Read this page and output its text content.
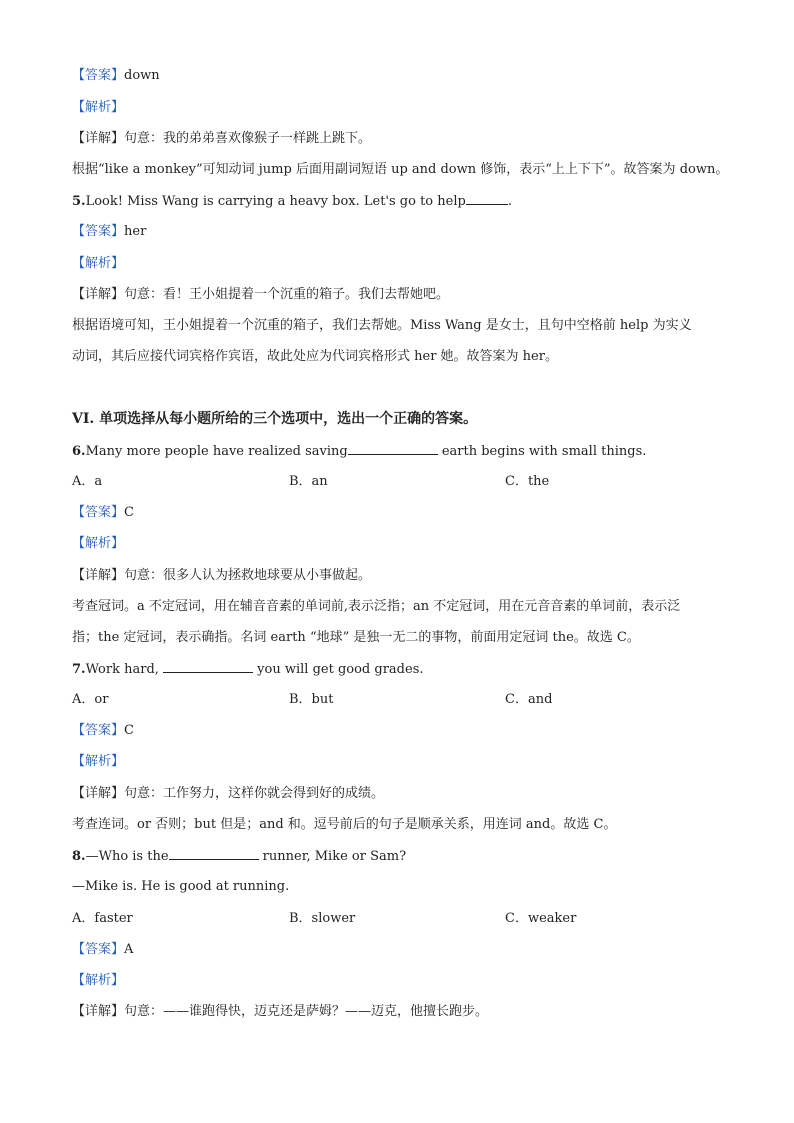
【答案】down
【解析】
【详解】句意：我的弟弟喜欢像猴子一样跳上跳下。
根据“like a monkey”可知动词 jump 后面用副词短语 up and down 修饰，表示“上上下下”。故答案为 down。
5.Look! Miss Wang is carrying a heavy box. Let's go to help	.
【答案】her
【解析】
【详解】句意：看！王小姐提着一个沉重的箱子。我们去帮她吧。
根据语境可知，王小姐提着一个沉重的箱子，我们去帮她。Miss Wang 是女士，且句中空格前 help 为实义
动词，其后应接代词宾格作宾语，故此处应为代词宾格形式 her 她。故答案为 her。
VI. 单项选择从每小题所给的三个选项中，选出一个正确的答案。
6.Many more people have realized saving	earth begins with small things.
A．a	B．an	C．the
【答案】C
【解析】
【详解】句意：很多人认为拯救地球要从小事做起。
考查冠词。a 不定冠词，用在辅音音素的单词前,表示泛指；an 不定冠词，用在元音音素的单词前，表示泛
指；the 定冠词，表示确指。名词 earth “地球” 是独一无二的事物，前面用定冠词 the。故选 C。
7.Work hard,	you will get good grades.
A．or	B．but	C．and
【答案】C
【解析】
【详解】句意：工作努力，这样你就会得到好的成绩。
考查连词。or 否则；but 但是；and 和。逗号前后的句子是顺承关系，用连词 and。故选 C。
8.—Who is the	runner, Mike or Sam?
—Mike is. He is good at running.
A．faster	B．slower	C．weaker
【答案】A
【解析】
【详解】句意：——谁跑得快，迈克还是萨姆？——迈克，他擅长跑步。
